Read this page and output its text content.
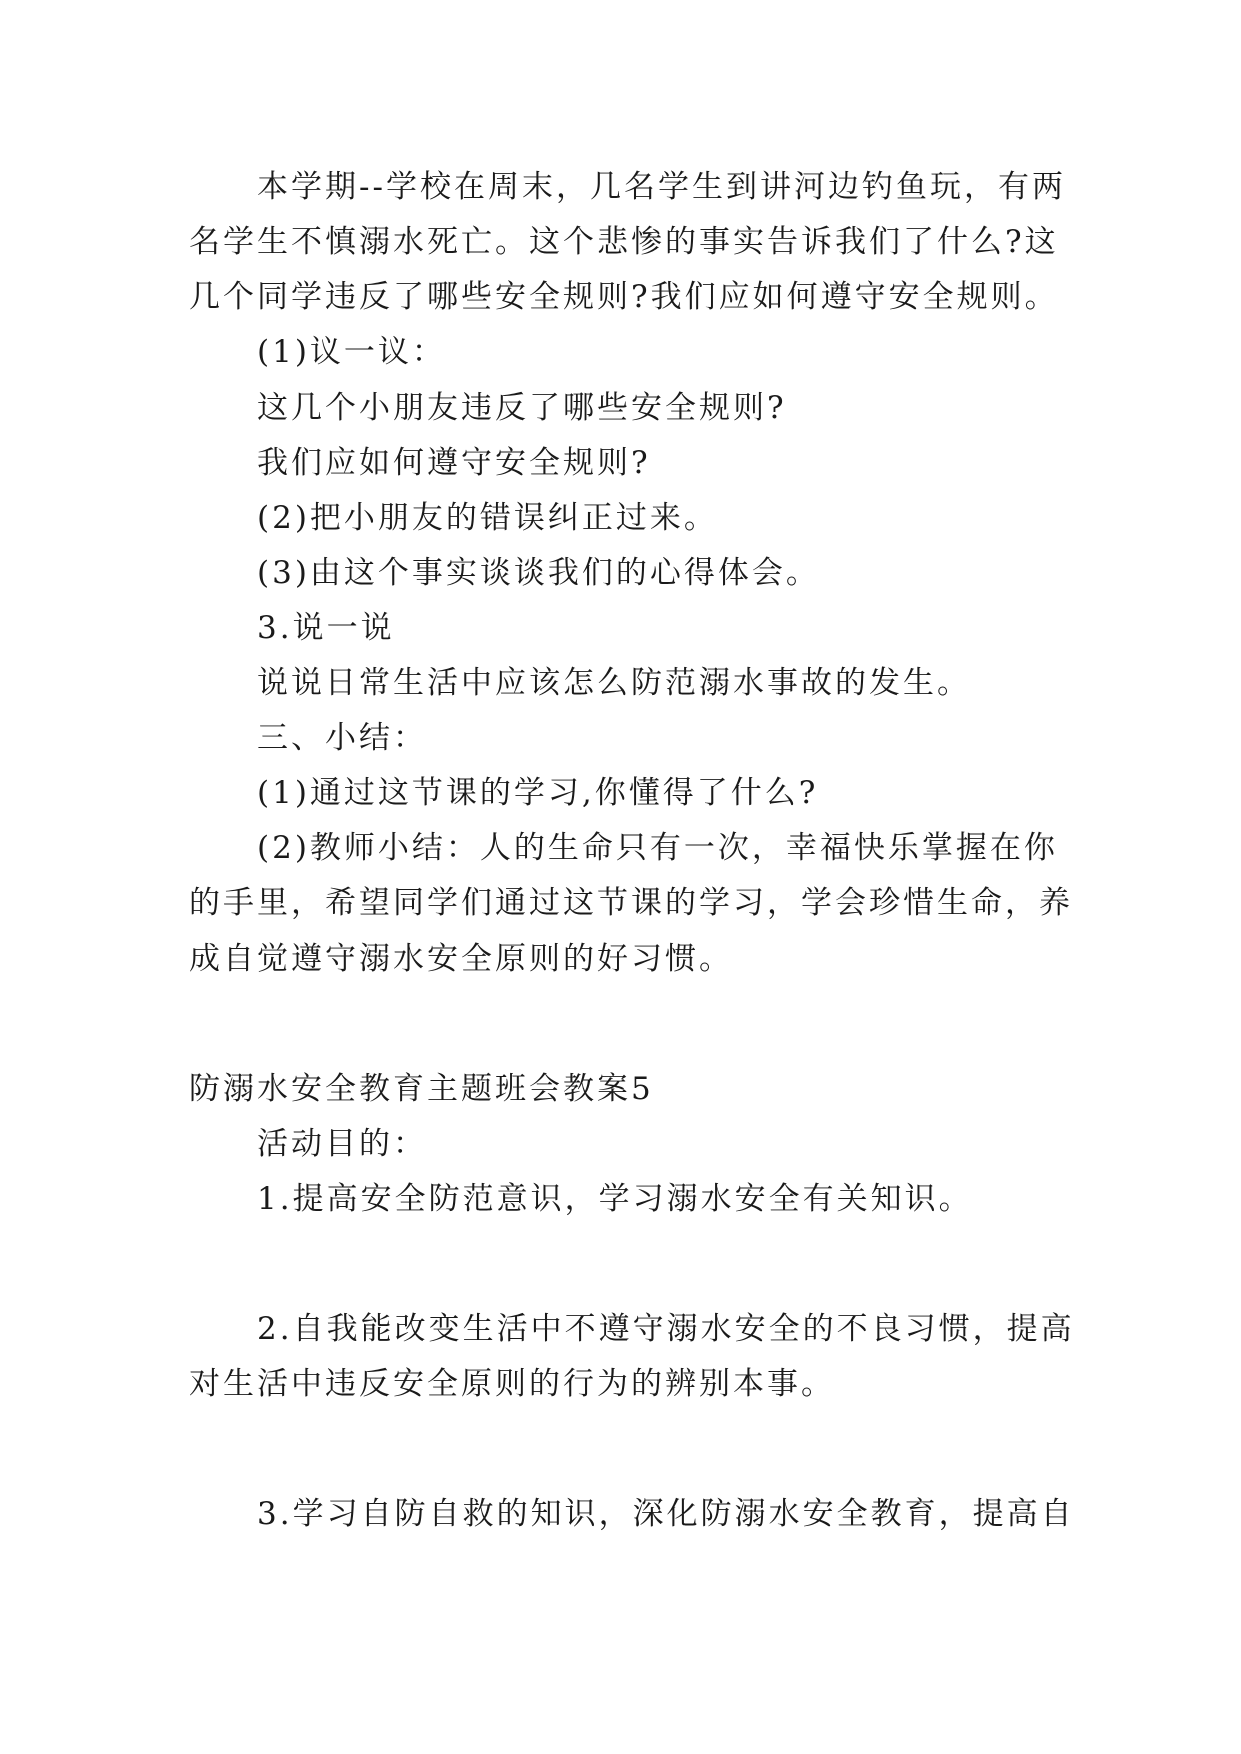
本学期--学校在周末，几名学生到讲河边钓鱼玩，有两
名学生不慎溺水死亡。这个悲惨的事实告诉我们了什么?这
几个同学违反了哪些安全规则?我们应如何遵守安全规则。
(1)议一议：
这几个小朋友违反了哪些安全规则?
我们应如何遵守安全规则?
(2)把小朋友的错误纠正过来。
(3)由这个事实谈谈我们的心得体会。
3.说一说
说说日常生活中应该怎么防范溺水事故的发生。
三、小结：
(1)通过这节课的学习,你懂得了什么?
(2)教师小结：人的生命只有一次，幸福快乐掌握在你
的手里，希望同学们通过这节课的学习，学会珍惜生命，养
成自觉遵守溺水安全原则的好习惯。
防溺水安全教育主题班会教案5
活动目的：
1.提高安全防范意识，学习溺水安全有关知识。
2.自我能改变生活中不遵守溺水安全的不良习惯，提高
对生活中违反安全原则的行为的辨别本事。
3.学习自防自救的知识，深化防溺水安全教育，提高自
